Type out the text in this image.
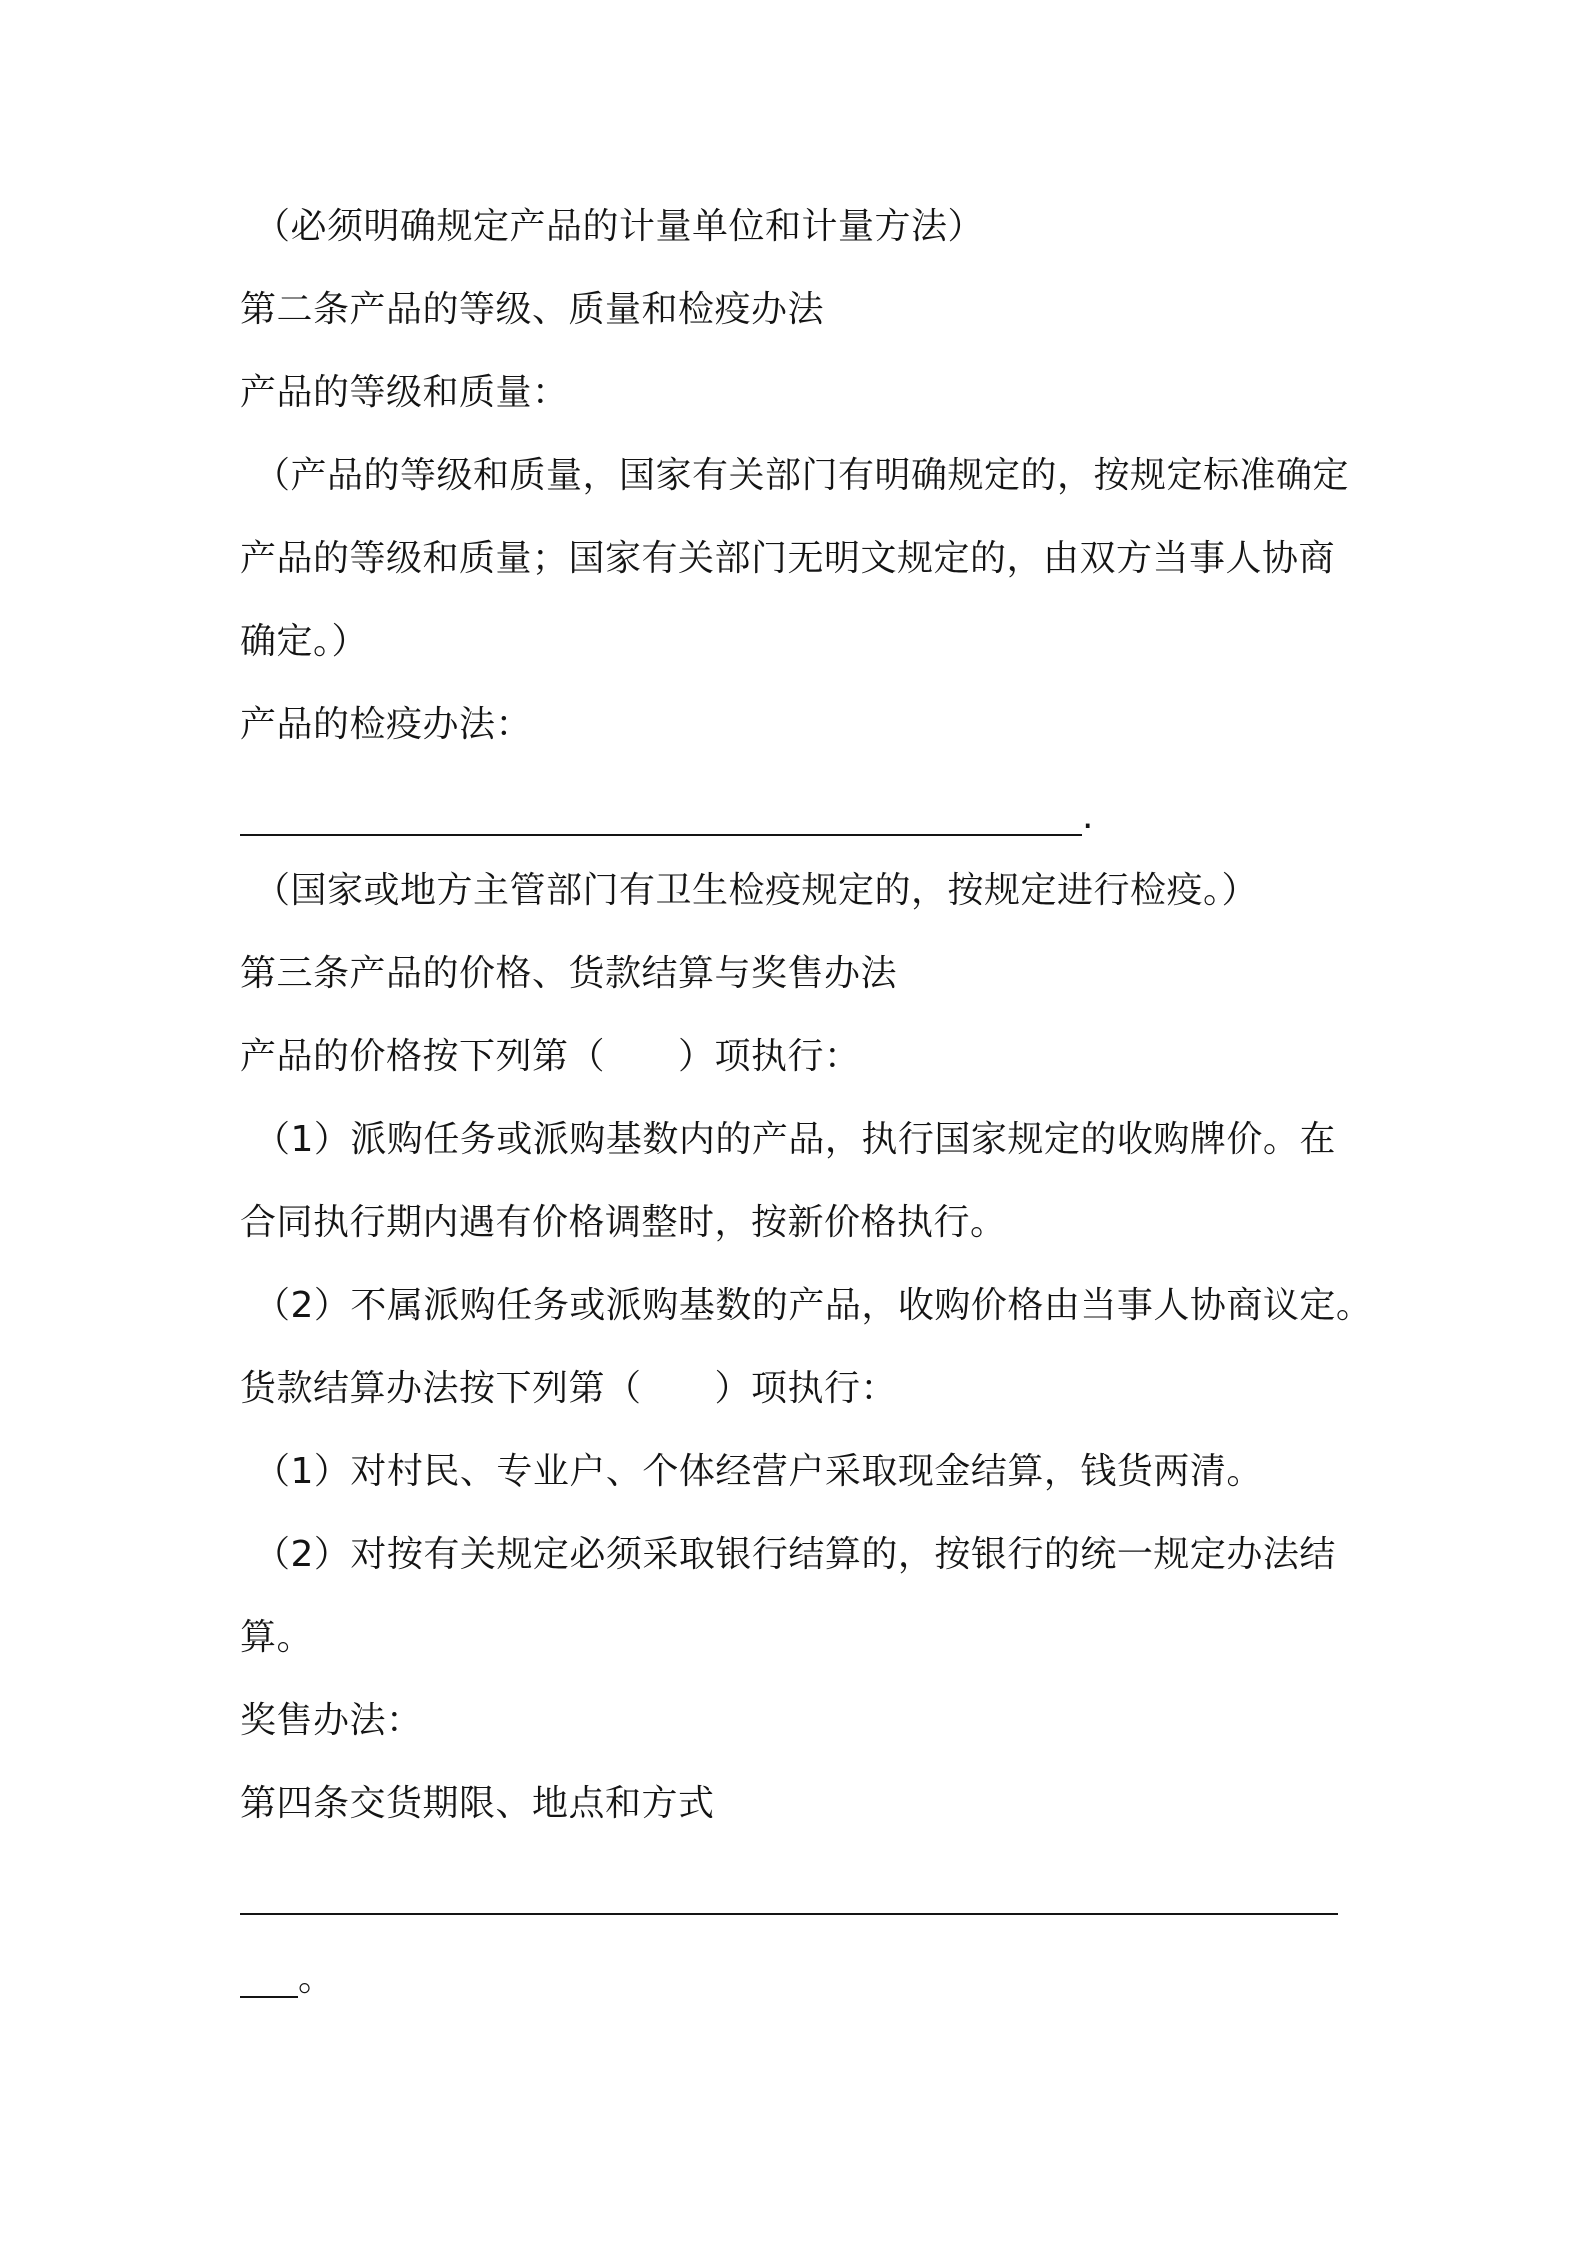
（必须明确规定产品的计量单位和计量方法）
第二条产品的等级、质量和检疫办法
产品的等级和质量：
（产品的等级和质量，国家有关部门有明确规定的，按规定标准确定
产品的等级和质量；国家有关部门无明文规定的，由双方当事人协商
确定。）
产品的检疫办法：
.
（国家或地方主管部门有卫生检疫规定的，按规定进行检疫。）
第三条产品的价格、货款结算与奖售办法
产品的价格按下列第（　　）项执行：
（1）派购任务或派购基数内的产品，执行国家规定的收购牌价。在
合同执行期内遇有价格调整时，按新价格执行。
（2）不属派购任务或派购基数的产品，收购价格由当事人协商议定。
货款结算办法按下列第（　　）项执行：
（1）对村民、专业户、个体经营户采取现金结算，钱货两清。
（2）对按有关规定必须采取银行结算的，按银行的统一规定办法结
算。
奖售办法：
第四条交货期限、地点和方式
。
